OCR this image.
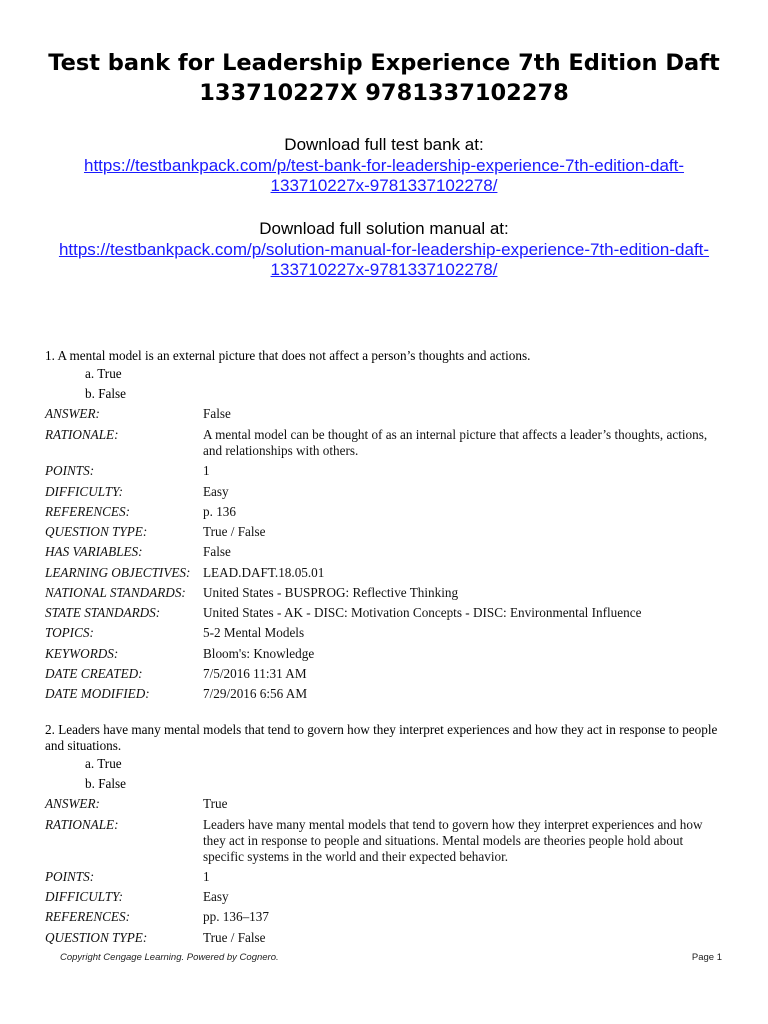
Test bank for Leadership Experience 7th Edition Daft
133710227X 9781337102278
Download full test bank at:
https://testbankpack.com/p/test-bank-for-leadership-experience-7th-edition-daft-
133710227x-9781337102278/
Download full solution manual at:
https://testbankpack.com/p/solution-manual-for-leadership-experience-7th-edition-daft-
133710227x-9781337102278/

1. A mental model is an external picture that does not affect a person’s thoughts and actions.

a. True
b. False
ANSWER:	False
RATIONALE:	A mental model can be thought of as an internal picture that affects a leader’s thoughts, actions, and relationships with others.
POINTS:	1
DIFFICULTY:	Easy
REFERENCES:	p. 136
QUESTION TYPE:	True / False
HAS VARIABLES:	False
LEARNING OBJECTIVES: LEAD.DAFT.18.05.01
NATIONAL STANDARDS: United States - BUSPROG: Reflective Thinking
STATE STANDARDS:	United States - AK - DISC: Motivation Concepts - DISC: Environmental Influence
TOPICS:	5-2 Mental Models
KEYWORDS:	Bloom's: Knowledge
DATE CREATED:	7/5/2016 11:31 AM
DATE MODIFIED:	7/29/2016 6:56 AM

2. Leaders have many mental models that tend to govern how they interpret experiences and how they act in response to people and situations.

a. True
b. False
ANSWER:	True
RATIONALE:	Leaders have many mental models that tend to govern how they interpret experiences and how they act in response to people and situations. Mental models are theories people hold about specific systems in the world and their expected behavior.
POINTS:	1
DIFFICULTY:	Easy
REFERENCES:	pp. 136–137
QUESTION TYPE:	True / False
Copyright Cengage Learning. Powered by Cognero.	Page 1
